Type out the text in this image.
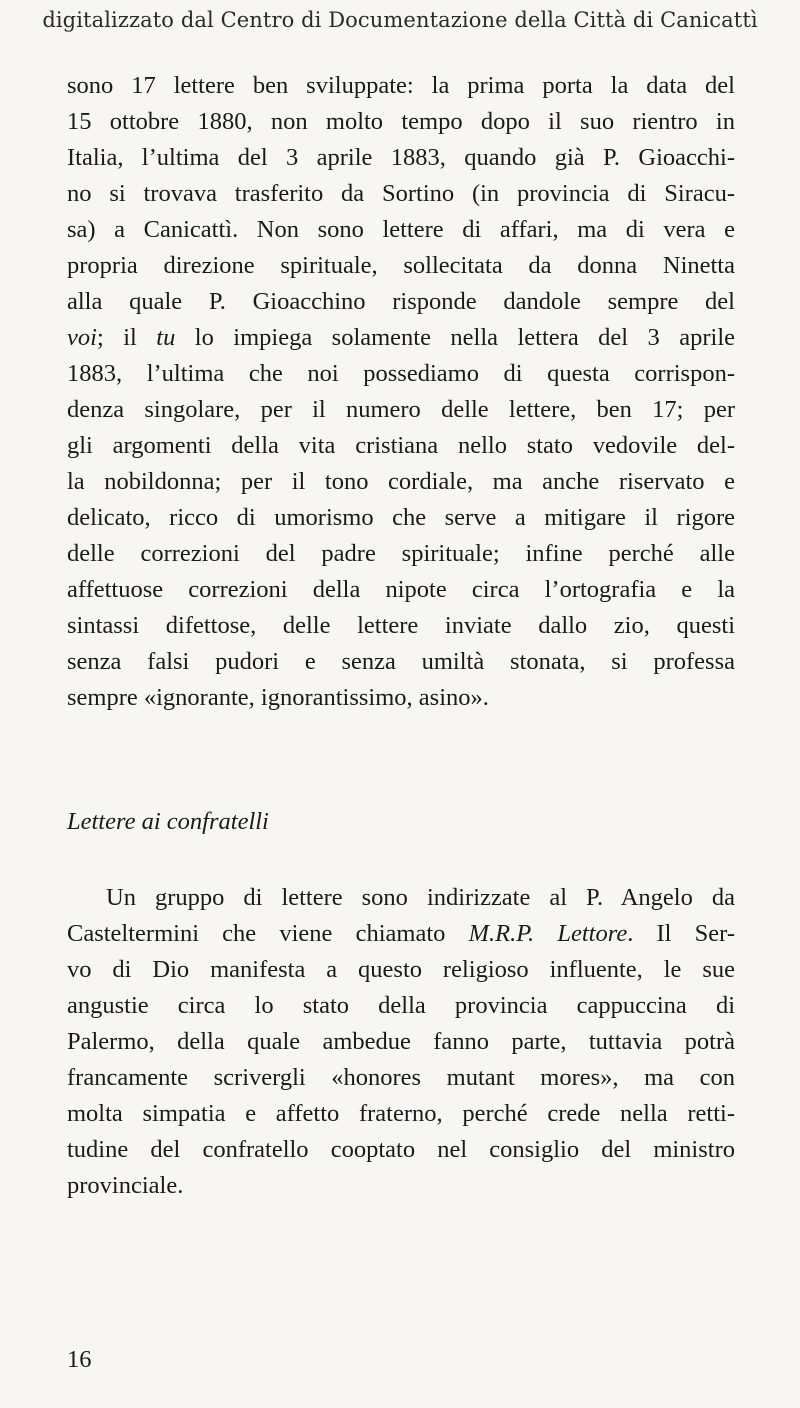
digitalizzato dal Centro di Documentazione della Città di Canicattì
sono 17 lettere ben sviluppate: la prima porta la data del
15 ottobre 1880, non molto tempo dopo il suo rientro in
Italia, l’ultima del 3 aprile 1883, quando già P. Gioacchi-
no si trovava trasferito da Sortino (in provincia di Siracu-
sa) a Canicattì. Non sono lettere di affari, ma di vera e
propria direzione spirituale, sollecitata da donna Ninetta
alla quale P. Gioacchino risponde dandole sempre del
voi; il tu lo impiega solamente nella lettera del 3 aprile
1883, l’ultima che noi possediamo di questa corrispon-
denza singolare, per il numero delle lettere, ben 17; per
gli argomenti della vita cristiana nello stato vedovile del-
la nobildonna; per il tono cordiale, ma anche riservato e
delicato, ricco di umorismo che serve a mitigare il rigore
delle correzioni del padre spirituale; infine perché alle
affettuose correzioni della nipote circa l’ortografia e la
sintassi difettose, delle lettere inviate dallo zio, questi
senza falsi pudori e senza umiltà stonata, si professa
sempre «ignorante, ignorantissimo, asino».
Lettere ai confratelli
Un gruppo di lettere sono indirizzate al P. Angelo da
Casteltermini che viene chiamato M.R.P. Lettore. Il Ser-
vo di Dio manifesta a questo religioso influente, le sue
angustie circa lo stato della provincia cappuccina di
Palermo, della quale ambedue fanno parte, tuttavia potrà
francamente scrivergli «honores mutant mores», ma con
molta simpatia e affetto fraterno, perché crede nella retti-
tudine del confratello cooptato nel consiglio del ministro
provinciale.
16
